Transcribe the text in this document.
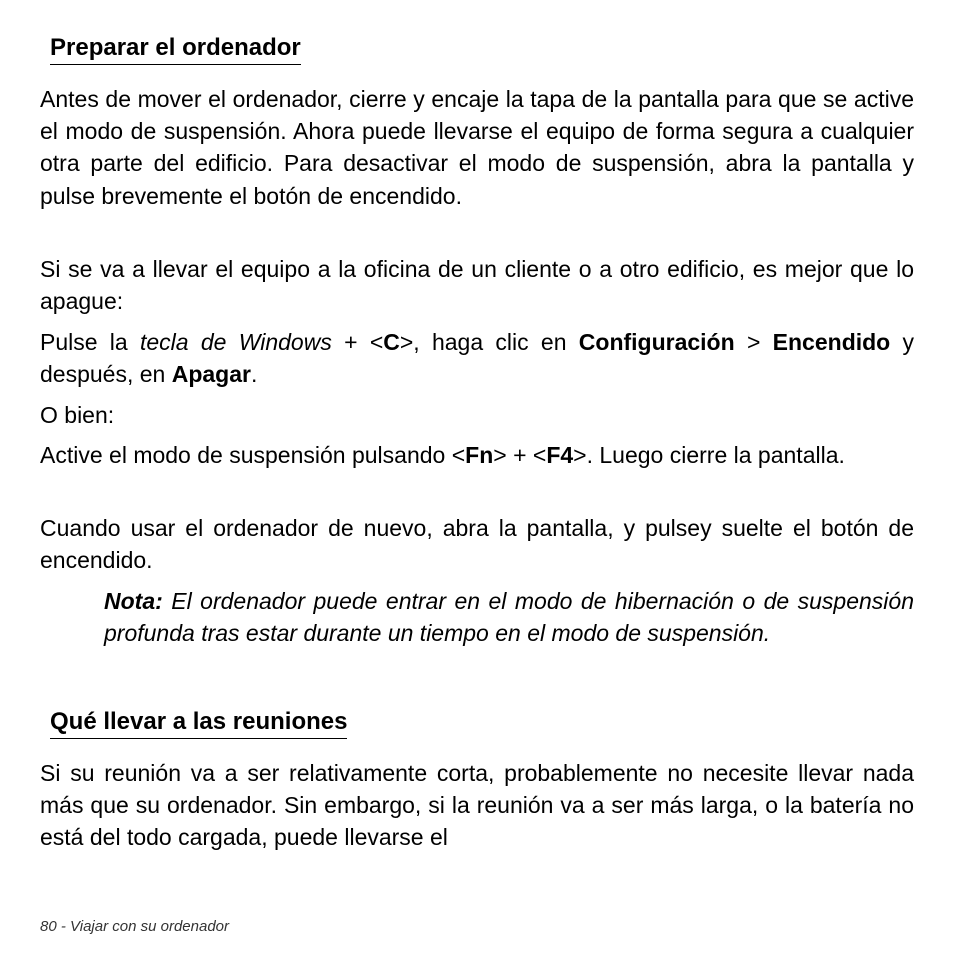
Preparar el ordenador

Antes de mover el ordenador, cierre y encaje la tapa de la pantalla para que se active el modo de suspensión. Ahora puede llevarse el equipo de forma segura a cualquier otra parte del edificio. Para desactivar el modo de suspensión, abra la pantalla y pulse brevemente el botón de encendido.

Si se va a llevar el equipo a la oficina de un cliente o a otro edificio, es mejor que lo apague:

Pulse la tecla de Windows + <C>, haga clic en Configuración > Encendido y después, en Apagar.

O bien:

Active el modo de suspensión pulsando <Fn> + <F4>. Luego cierre la pantalla.

Cuando usar el ordenador de nuevo, abra la pantalla, y pulsey suelte el botón de encendido.

Nota: El ordenador puede entrar en el modo de hibernación o de suspensión profunda tras estar durante un tiempo en el modo de suspensión.

Qué llevar a las reuniones

Si su reunión va a ser relativamente corta, probablemente no necesite llevar nada más que su ordenador. Sin embargo, si la reunión va a ser más larga, o la batería no está del todo cargada, puede llevarse el

80 - Viajar con su ordenador
